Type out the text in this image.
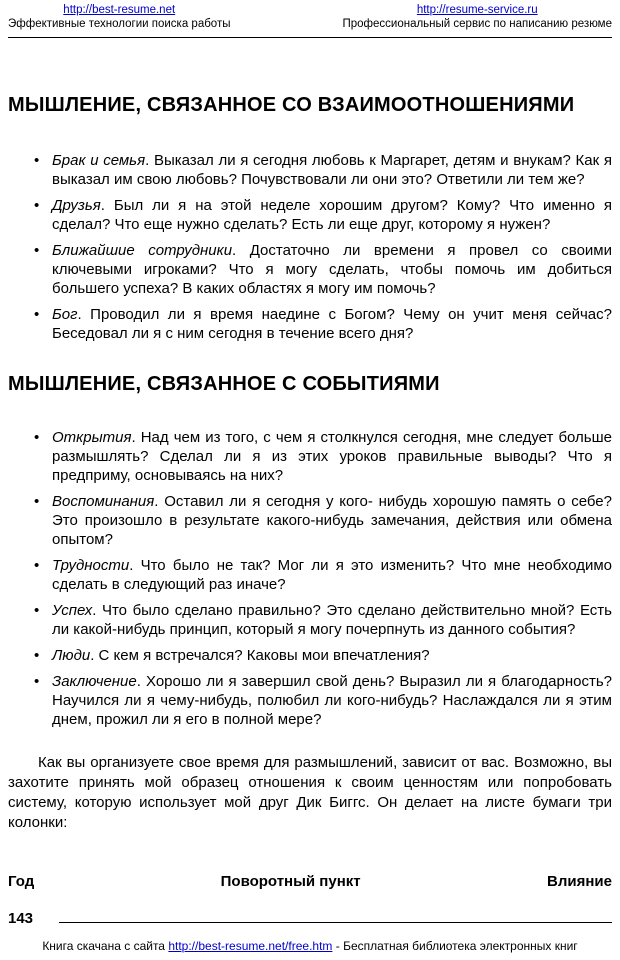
http://best-resume.net
Эффективные технологии поиска работы
http://resume-service.ru
Профессиональный сервис по написанию резюме
МЫШЛЕНИЕ, СВЯЗАННОЕ СО ВЗАИМООТНОШЕНИЯМИ
• Брак и семья. Выказал ли я сегодня любовь к Маргарет, детям и внукам? Как я выказал им свою любовь? Почувствовали ли они это? Ответили ли тем же?
• Друзья. Был ли я на этой неделе хорошим другом? Кому? Что именно я сделал? Что еще нужно сделать? Есть ли еще друг, которому я нужен?
• Ближайшие сотрудники. Достаточно ли времени я провел со своими ключевыми игроками? Что я могу сделать, чтобы помочь им добиться большего успеха? В каких областях я могу им помочь?
• Бог. Проводил ли я время наедине с Богом? Чему он учит меня сейчас? Беседовал ли я с ним сегодня в течение всего дня?
МЫШЛЕНИЕ, СВЯЗАННОЕ С СОБЫТИЯМИ
• Открытия. Над чем из того, с чем я столкнулся сегодня, мне следует больше размышлять? Сделал ли я из этих уроков правильные выводы? Что я предприму, основываясь на них?
• Воспоминания. Оставил ли я сегодня у кого- нибудь хорошую память о себе? Это произошло в результате какого-нибудь замечания, действия или обмена опытом?
• Трудности. Что было не так? Мог ли я это изменить? Что мне необходимо сделать в следующий раз иначе?
• Успех. Что было сделано правильно? Это сделано действительно мной? Есть ли какой-нибудь принцип, который я могу почерпнуть из данного события?
• Люди. С кем я встречался? Каковы мои впечатления?
• Заключение. Хорошо ли я завершил свой день? Выразил ли я благодарность? Научился ли я чему-нибудь, полюбил ли кого-нибудь? Наслаждался ли я этим днем, прожил ли я его в полной мере?

Как вы организуете свое время для размышлений, зависит от вас. Возможно, вы захотите принять мой образец отношения к своим ценностям или попробовать систему, которую использует мой друг Дик Биггс. Он делает на листе бумаги три колонки:

Год	Поворотный пункт	Влияние
143
Книга скачана с сайта http://best-resume.net/free.htm - Бесплатная библиотека электронных книг
